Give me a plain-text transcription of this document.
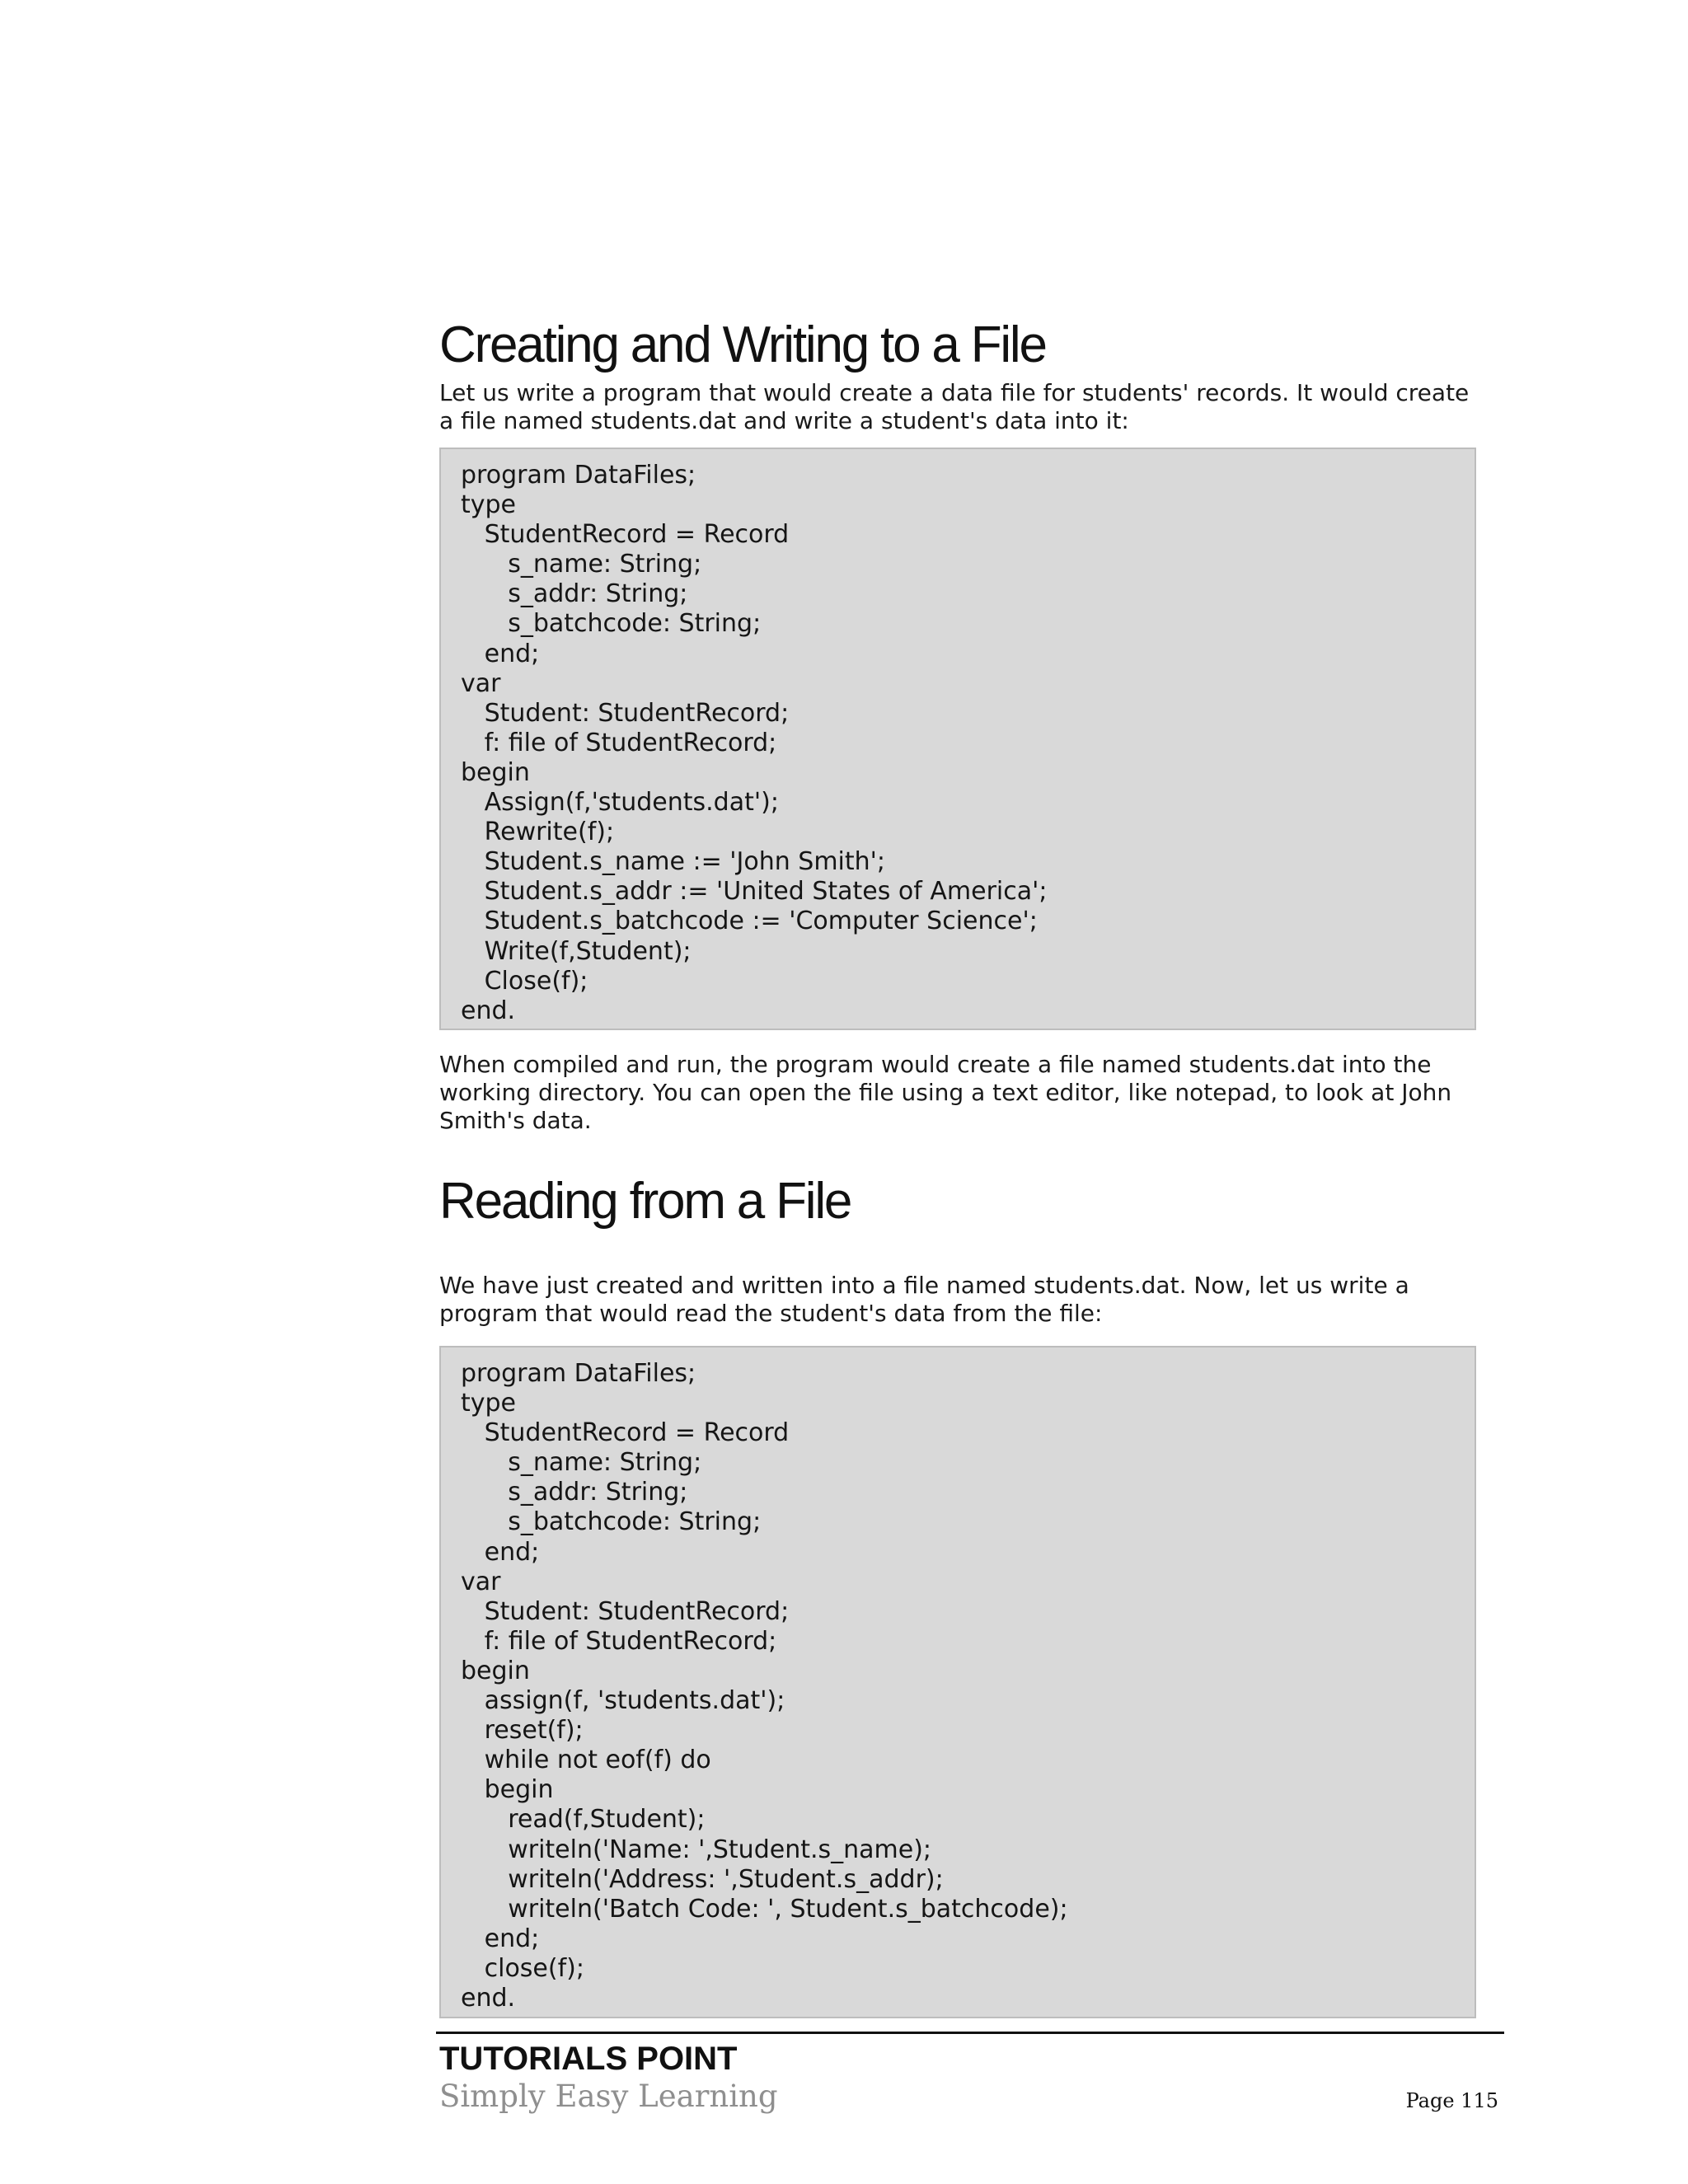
Creating and Writing to a File
Let us write a program that would create a data file for students' records. It would create
a file named students.dat and write a student's data into it:
program DataFiles;
type
StudentRecord = Record
s_name: String;
s_addr: String;
s_batchcode: String;
end;
var
Student: StudentRecord;
f: file of StudentRecord;
begin
Assign(f,'students.dat');
Rewrite(f);
Student.s_name := 'John Smith';
Student.s_addr := 'United States of America';
Student.s_batchcode := 'Computer Science';
Write(f,Student);
Close(f);
end.
When compiled and run, the program would create a file named students.dat into the
working directory. You can open the file using a text editor, like notepad, to look at John
Smith's data.
Reading from a File
We have just created and written into a file named students.dat. Now, let us write a
program that would read the student's data from the file:
program DataFiles;
type
StudentRecord = Record
s_name: String;
s_addr: String;
s_batchcode: String;
end;
var
Student: StudentRecord;
f: file of StudentRecord;
begin
assign(f, 'students.dat');
reset(f);
while not eof(f) do
begin
read(f,Student);
writeln('Name: ',Student.s_name);
writeln('Address: ',Student.s_addr);
writeln('Batch Code: ', Student.s_batchcode);
end;
close(f);
end.
TUTORIALS POINT
Simply Easy Learning	Page 115
